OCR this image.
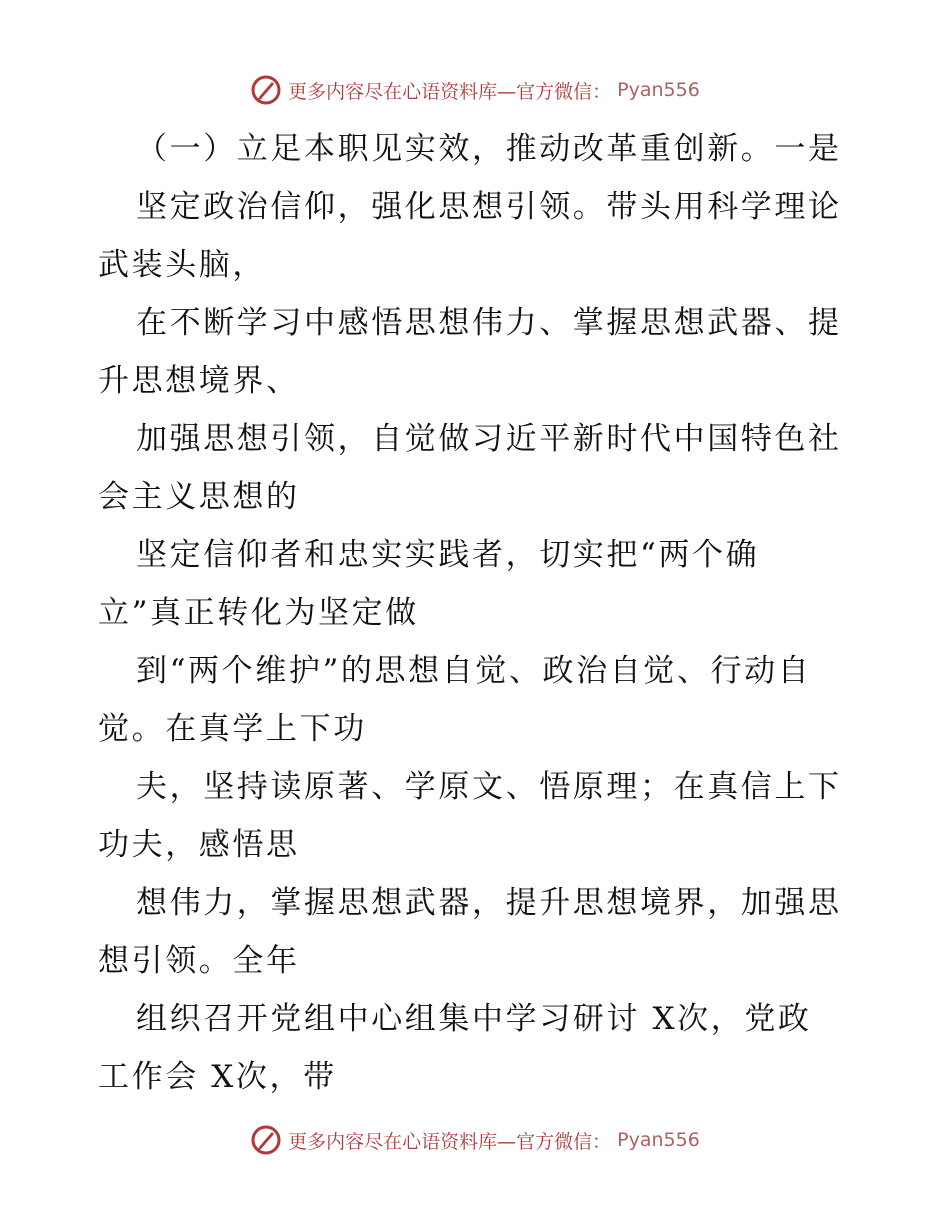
更多内容尽在心语资料库—官方微信： Pyan556

（一）立足本职见实效，推动改革重创新。一是

坚定政治信仰，强化思想引领。带头用科学理论

武装头脑，

在不断学习中感悟思想伟力、掌握思想武器、提

升思想境界、

加强思想引领，自觉做习近平新时代中国特色社

会主义思想的

坚定信仰者和忠实实践者，切实把“两个确

立”真正转化为坚定做

到“两个维护”的思想自觉、政治自觉、行动自

觉。在真学上下功

夫，坚持读原著、学原文、悟原理；在真信上下

功夫，感悟思

想伟力，掌握思想武器，提升思想境界，加强思

想引领。全年

组织召开党组中心组集中学习研讨 X次，党政

工作会 X次，带

更多内容尽在心语资料库—官方微信： Pyan556
